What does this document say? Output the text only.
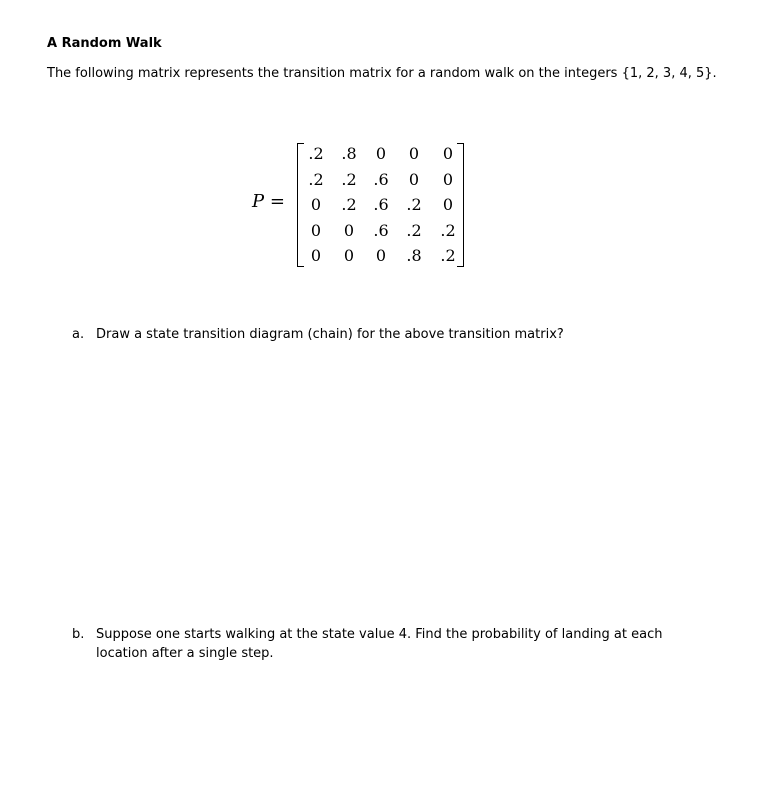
A Random Walk
The following matrix represents the transition matrix for a random walk on the integers {1, 2, 3, 4, 5}.
P =
.2	.8	0	0	0
.2	.2	.6	0	0
0	.2	.6	.2	0
0	0	.6	.2	.2
0	0	0	.8	.2
a. Draw a state transition diagram (chain) for the above transition matrix?
b. Suppose one starts walking at the state value 4. Find the probability of landing at each location after a single step.
